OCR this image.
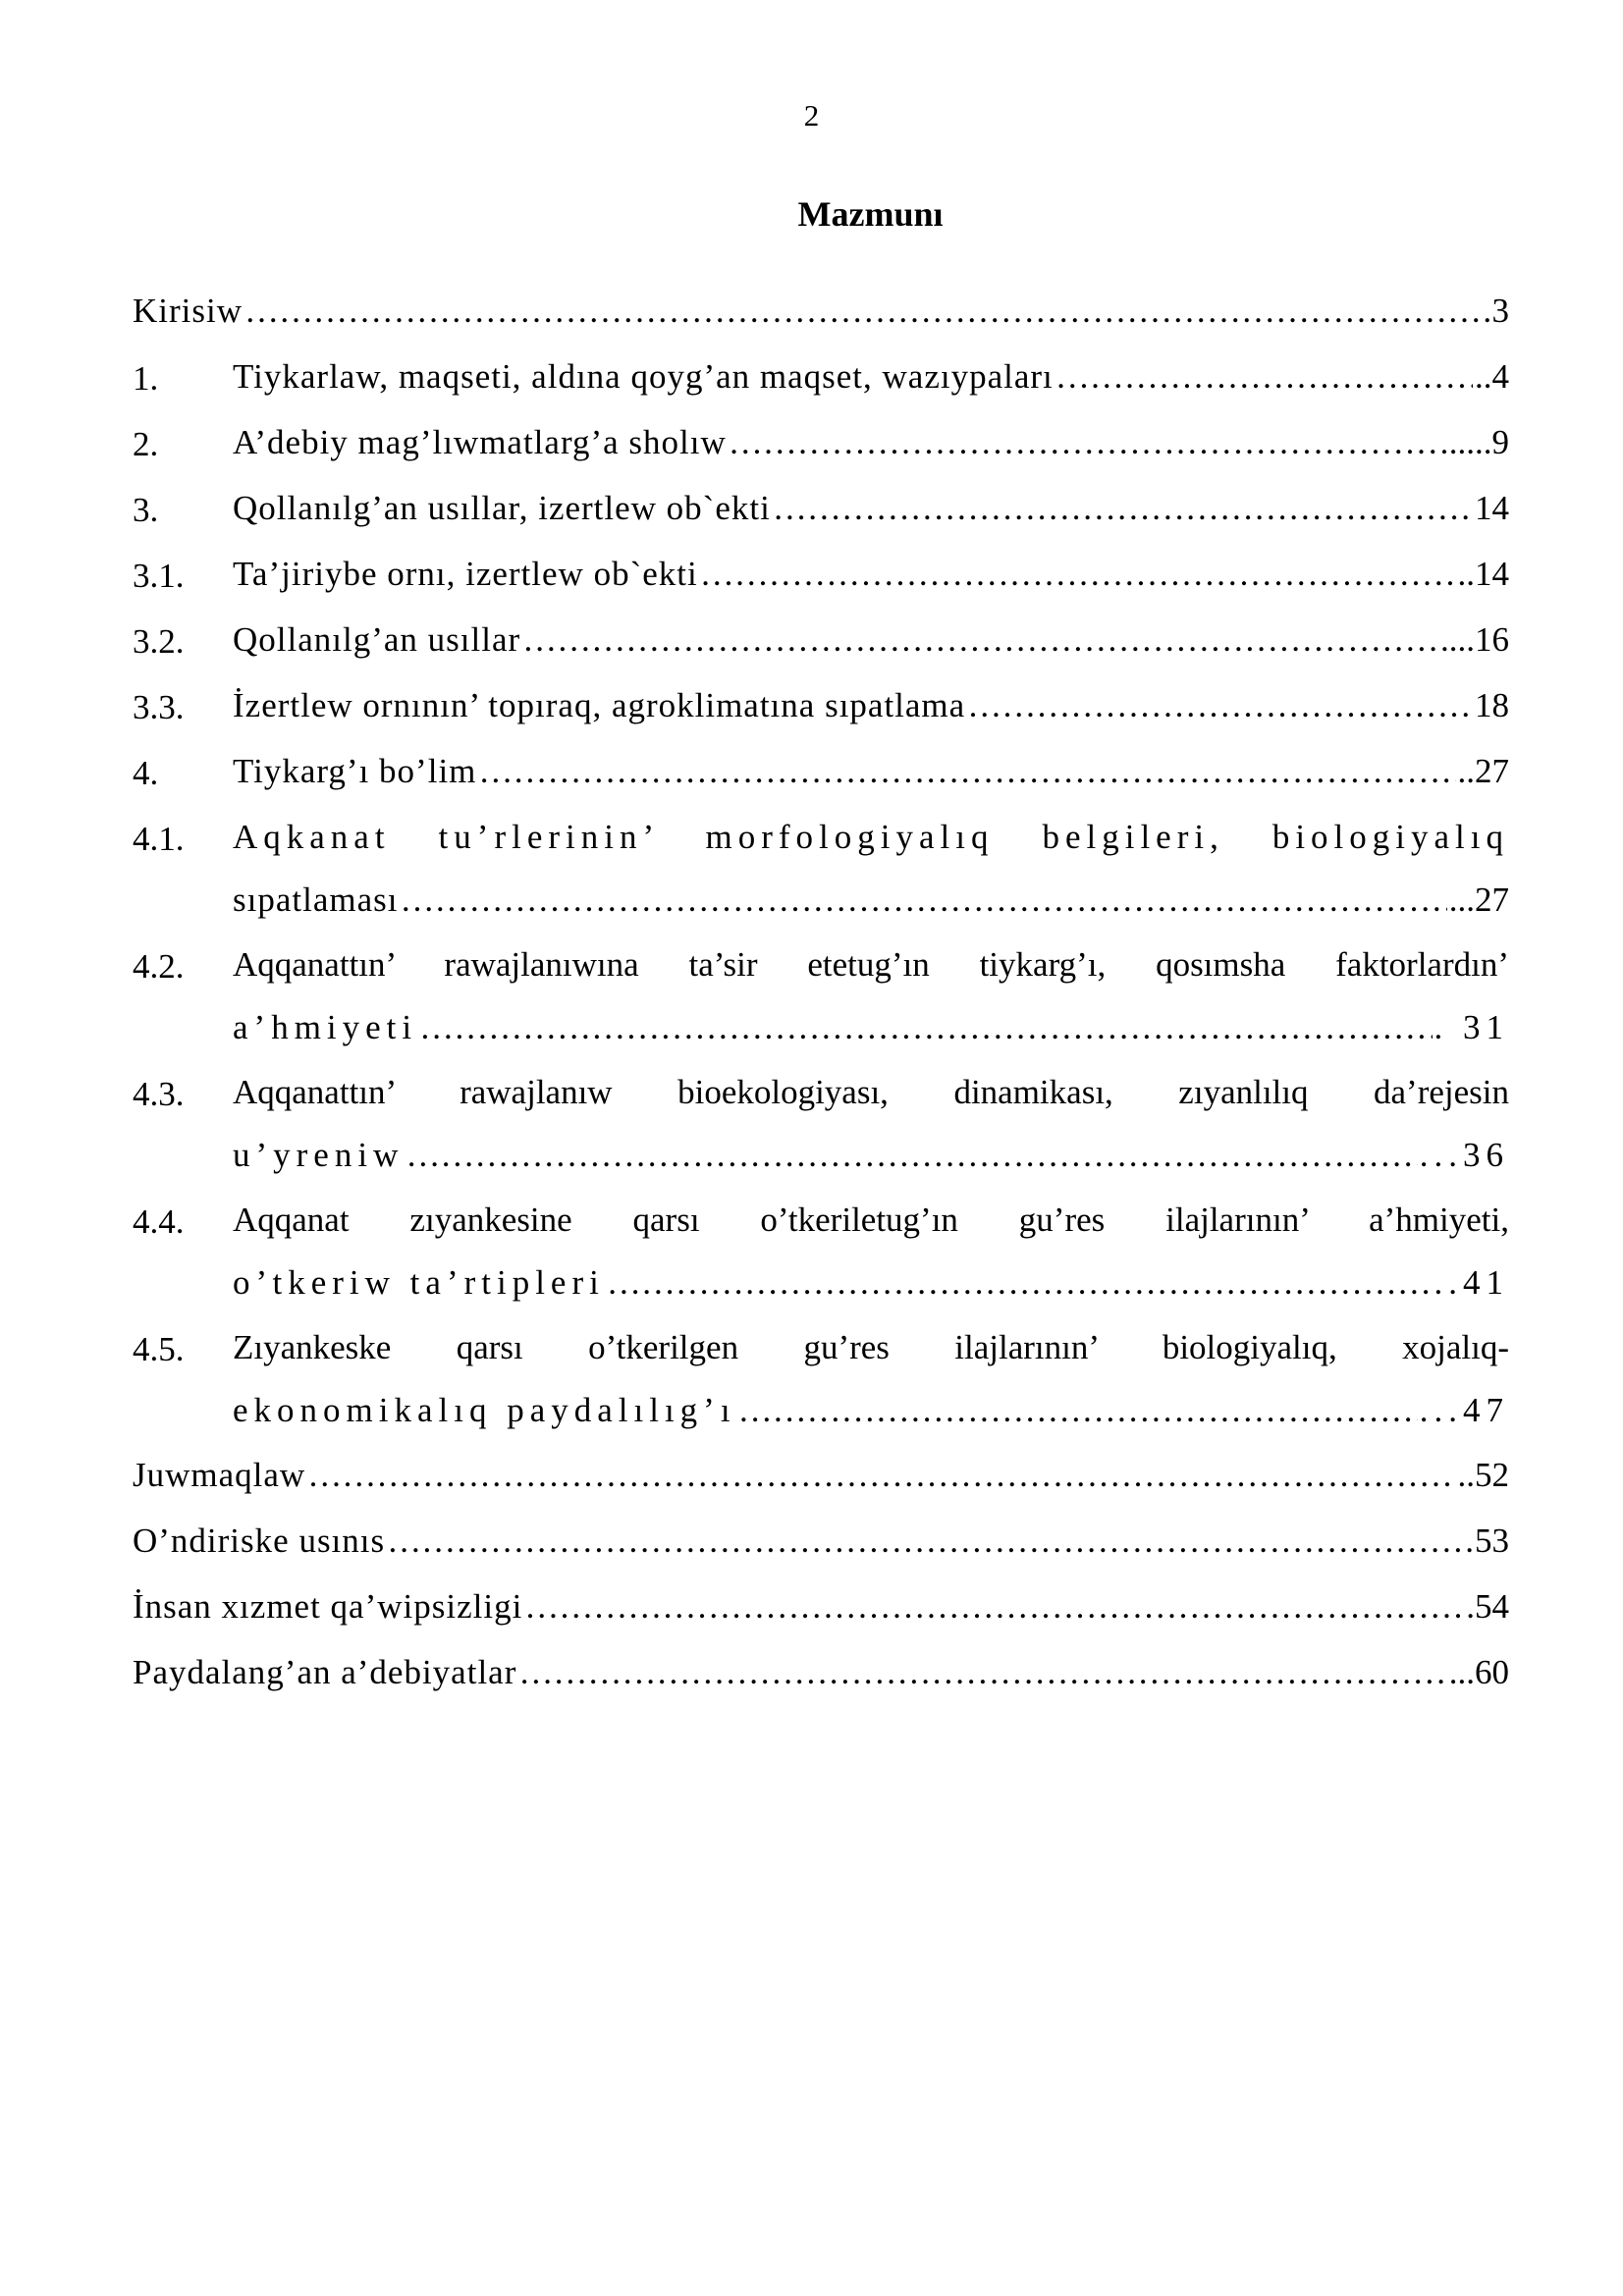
2
Mazmunı
Kirisiw ……………………………………………………………………………………………………………………………………………………………………………………………………………………	3
1.	Tiykarlaw, maqseti, aldına qoyg’an maqset, wazıypaları ……………………………………………………………………………………………………………………………………………………………………………………………………………………	..4
2.	A’debiy mag’lıwmatlarg’a sholıw ……………………………………………………………………………………………………………………………………………………………………………………………………………………	.....9
3.	Qollanılg’an usıllar, izertlew ob`ekti ……………………………………………………………………………………………………………………………………………………………………………………………………………………	14
3.1.	Ta’jiriybe ornı, izertlew ob`ekti ……………………………………………………………………………………………………………………………………………………………………………………………………………………	..14
3.2.	Qollanılg’an usıllar ……………………………………………………………………………………………………………………………………………………………………………………………………………………	....16
3.3.	İzertlew ornının’ topıraq, agroklimatına sıpatlama ……………………………………………………………………………………………………………………………………………………………………………………………………………………	18
4.	Tiykarg’ı bo’lim ……………………………………………………………………………………………………………………………………………………………………………………………………………………	..27
4.1.	Aqkanat tu’rlerinin’ morfologiyalıq belgileri, biologiyalıq
sıpatlaması ……………………………………………………………………………………………………………………………………………………………………………………………………………………	...27
4.2.	Aqqanattın’ rawajlanıwına ta’sir etetug’ın tiykarg’ı, qosımsha faktorlardın’
a’hmiyeti ……………………………………………………………………………………………………………………………………………………………………………………………………………………	. 31
4.3.	Aqqanattın’ rawajlanıw bioekologiyası, dinamikası, zıyanlılıq da’rejesin
u’yreniw ……………………………………………………………………………………………………………………………………………………………………………………………………………………	...36
4.4.	Aqqanat zıyankesine qarsı o’tkeriletug’ın gu’res ilajlarının’ a’hmiyeti,
o’tkeriw ta’rtipleri ……………………………………………………………………………………………………………………………………………………………………………………………………………………	..41
4.5.	Zıyankeske qarsı o’tkerilgen gu’res ilajlarının’ biologiyalıq, xojalıq-
ekonomikalıq paydalılıg’ı ……………………………………………………………………………………………………………………………………………………………………………………………………………………	...47
Juwmaqlaw ……………………………………………………………………………………………………………………………………………………………………………………………………………………	..52
O’ndiriske usınıs ……………………………………………………………………………………………………………………………………………………………………………………………………………………	53
İnsan xızmet qa’wipsizligi ……………………………………………………………………………………………………………………………………………………………………………………………………………………	.54
Paydalang’an a’debiyatlar ……………………………………………………………………………………………………………………………………………………………………………………………………………………	...60
